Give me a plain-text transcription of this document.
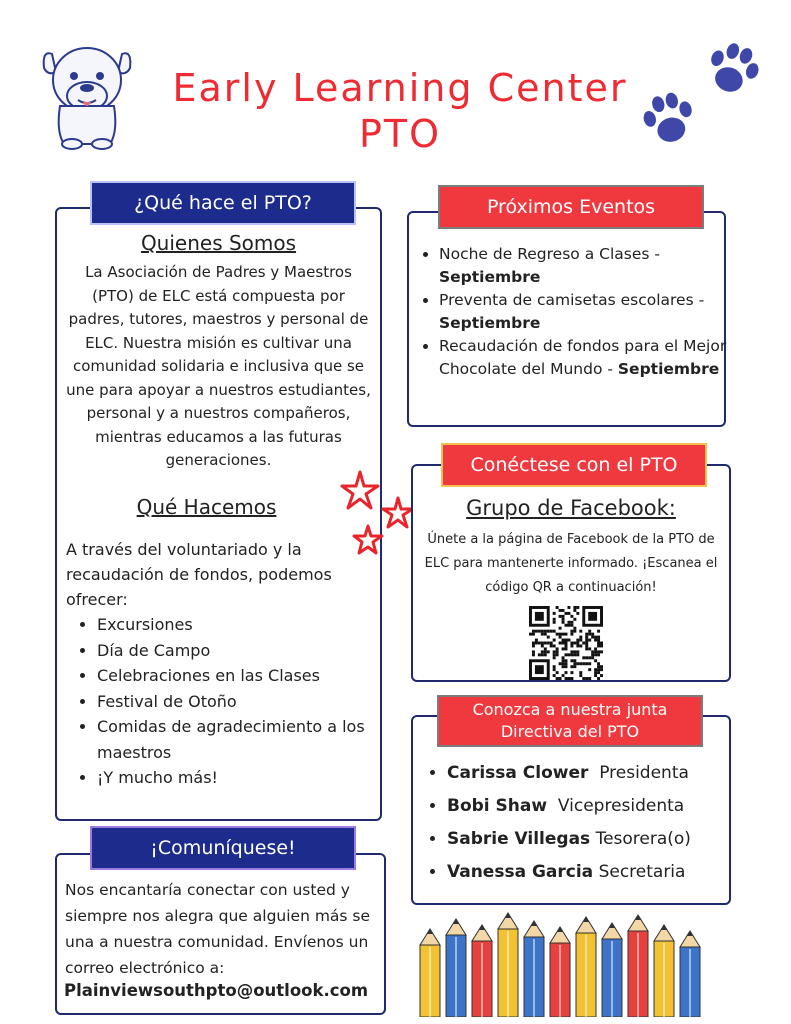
Early Learning Center
PTO
Quienes Somos
La Asociación de Padres y Maestros (PTO) de ELC está compuesta por padres, tutores, maestros y personal de ELC. Nuestra misión es cultivar una comunidad solidaria e inclusiva que se une para apoyar a nuestros estudiantes, personal y a nuestros compañeros, mientras educamos a las futuras generaciones.
Qué Hacemos
A través del voluntariado y la recaudación de fondos, podemos ofrecer:
• Excursiones
• Día de Campo
• Celebraciones en las Clases
• Festival de Otoño
• Comidas de agradecimiento a los maestros
• ¡Y mucho más!
¿Qué hace el PTO?
• Noche de Regreso a Clases - Septiembre
• Preventa de camisetas escolares - Septiembre
• Recaudación de fondos para el Mejor Chocolate del Mundo - Septiembre
Próximos Eventos
Grupo de Facebook:
Únete a la página de Facebook de la PTO de ELC para mantenerte informado. ¡Escanea el código QR a continuación!
Conéctese con el PTO
• Carissa Clower Presidenta
• Bobi Shaw Vicepresidenta
• Sabrie Villegas Tesorera(o)
• Vanessa Garcia Secretaria
Conozca a nuestra junta
Directiva del PTO
Nos encantaría conectar con usted y siempre nos alegra que alguien más se una a nuestra comunidad. Envíenos un correo electrónico a:
Plainviewsouthpto@outlook.com
¡Comuníquese!
